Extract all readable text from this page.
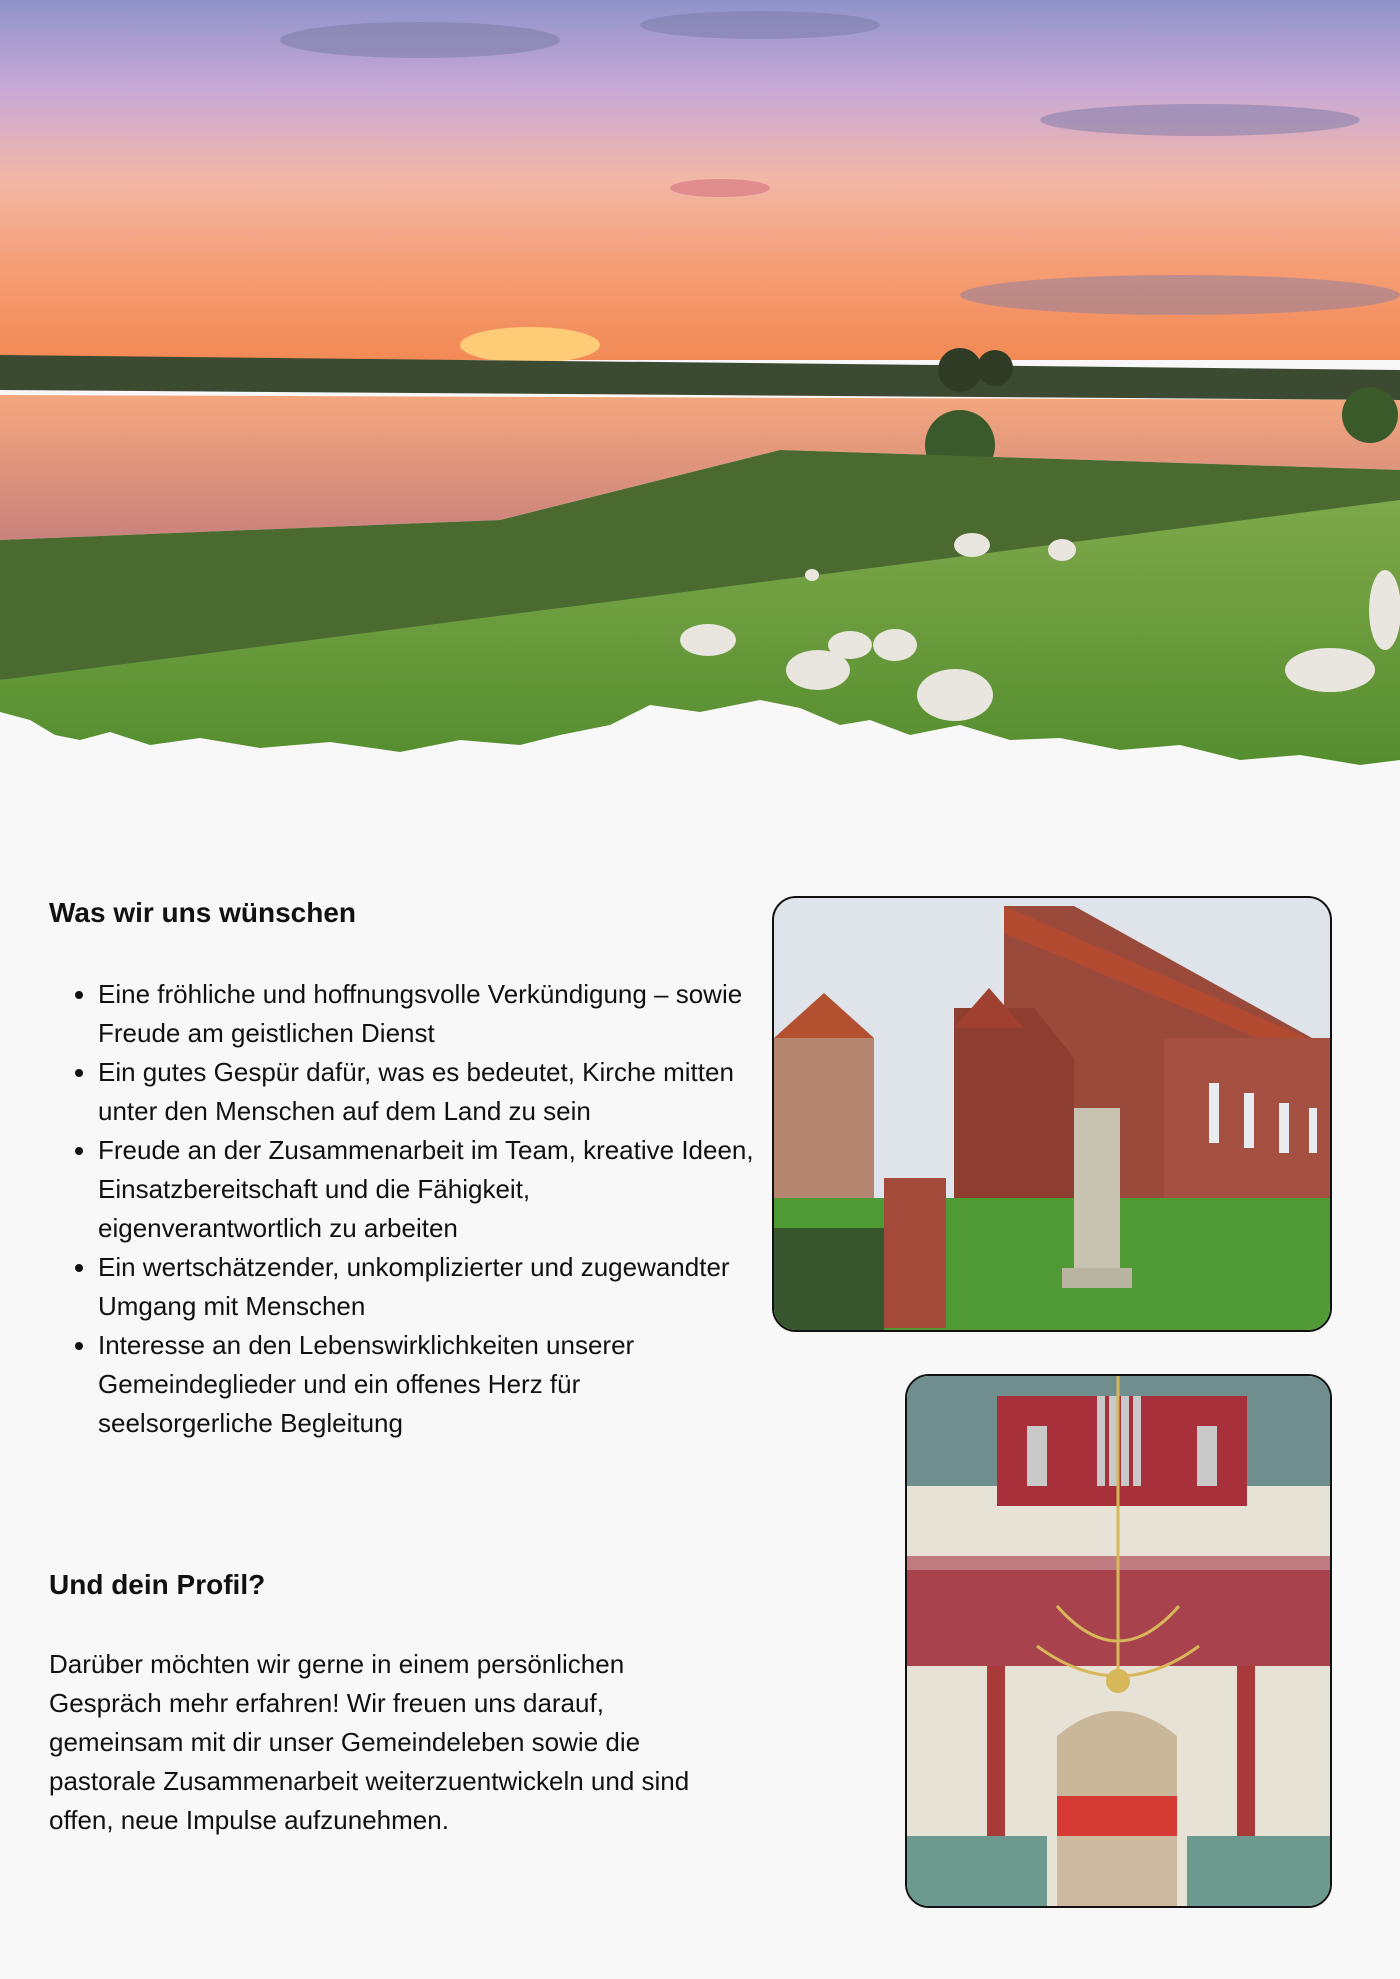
Was wir uns wünschen
• Eine fröhliche und hoffnungsvolle Verkündigung – sowie Freude am geistlichen Dienst
• Ein gutes Gespür dafür, was es bedeutet, Kirche mitten unter den Menschen auf dem Land zu sein
• Freude an der Zusammenarbeit im Team, kreative Ideen, Einsatzbereitschaft und die Fähigkeit, eigenverantwortlich zu arbeiten
• Ein wertschätzender, unkomplizierter und zugewandter Umgang mit Menschen
• Interesse an den Lebenswirklichkeiten unserer Gemeindeglieder und ein offenes Herz für seelsorgerliche Begleitung
Und dein Profil?

Darüber möchten wir gerne in einem persönlichen Gespräch mehr erfahren! Wir freuen uns darauf, gemeinsam mit dir unser Gemeindeleben sowie die pastorale Zusammenarbeit weiterzuentwickeln und sind offen, neue Impulse aufzunehmen.
